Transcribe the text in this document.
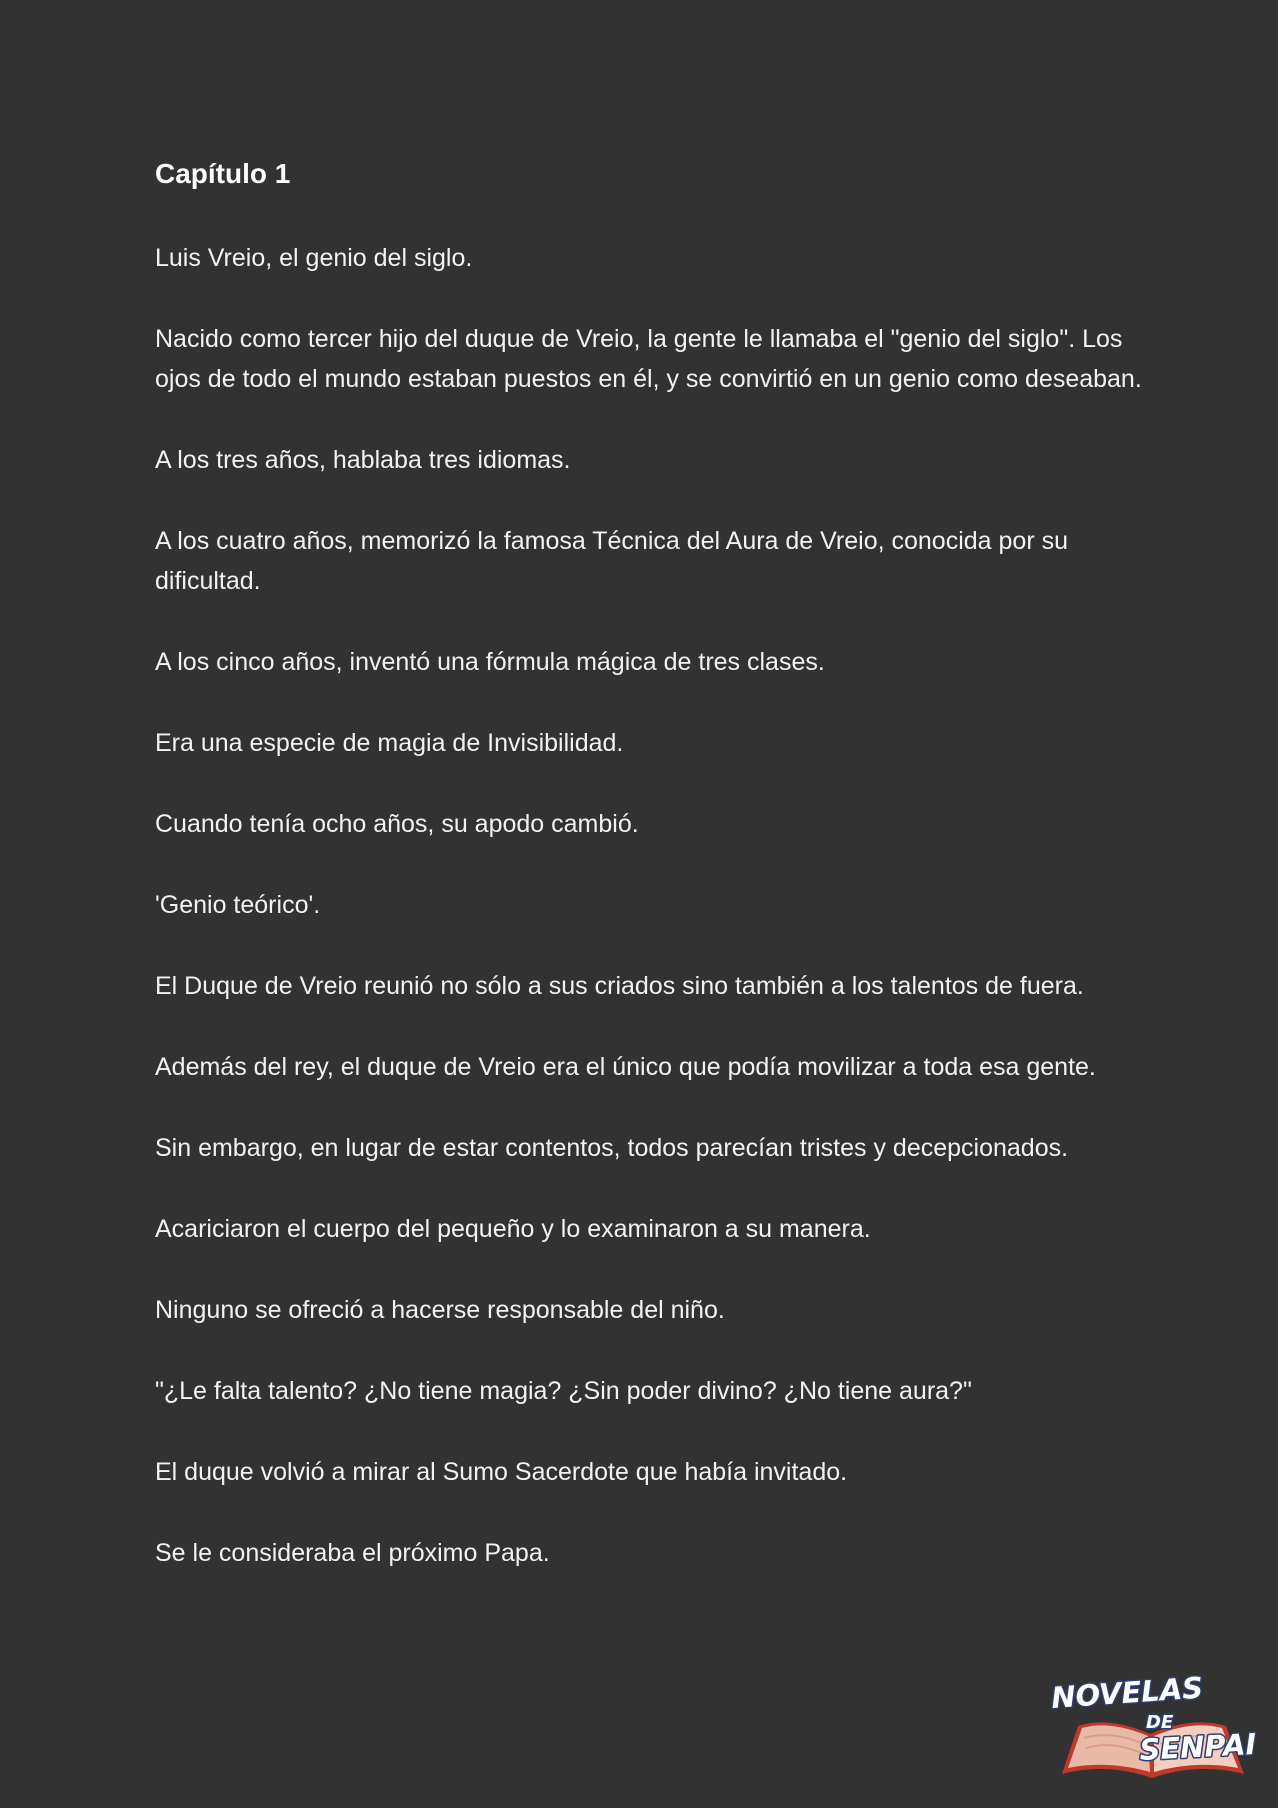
Capítulo 1

Luis Vreio, el genio del siglo.

Nacido como tercer hijo del duque de Vreio, la gente le llamaba el "genio del siglo". Los ojos de todo el mundo estaban puestos en él, y se convirtió en un genio como deseaban.

A los tres años, hablaba tres idiomas.

A los cuatro años, memorizó la famosa Técnica del Aura de Vreio, conocida por su dificultad.

A los cinco años, inventó una fórmula mágica de tres clases.

Era una especie de magia de Invisibilidad.

Cuando tenía ocho años, su apodo cambió.

'Genio teórico'.

El Duque de Vreio reunió no sólo a sus criados sino también a los talentos de fuera.

Además del rey, el duque de Vreio era el único que podía movilizar a toda esa gente.

Sin embargo, en lugar de estar contentos, todos parecían tristes y decepcionados.

Acariciaron el cuerpo del pequeño y lo examinaron a su manera.

Ninguno se ofreció a hacerse responsable del niño.

"¿Le falta talento? ¿No tiene magia? ¿Sin poder divino? ¿No tiene aura?"

El duque volvió a mirar al Sumo Sacerdote que había invitado.

Se le consideraba el próximo Papa.

NOVELAS
DE
SENPAI
